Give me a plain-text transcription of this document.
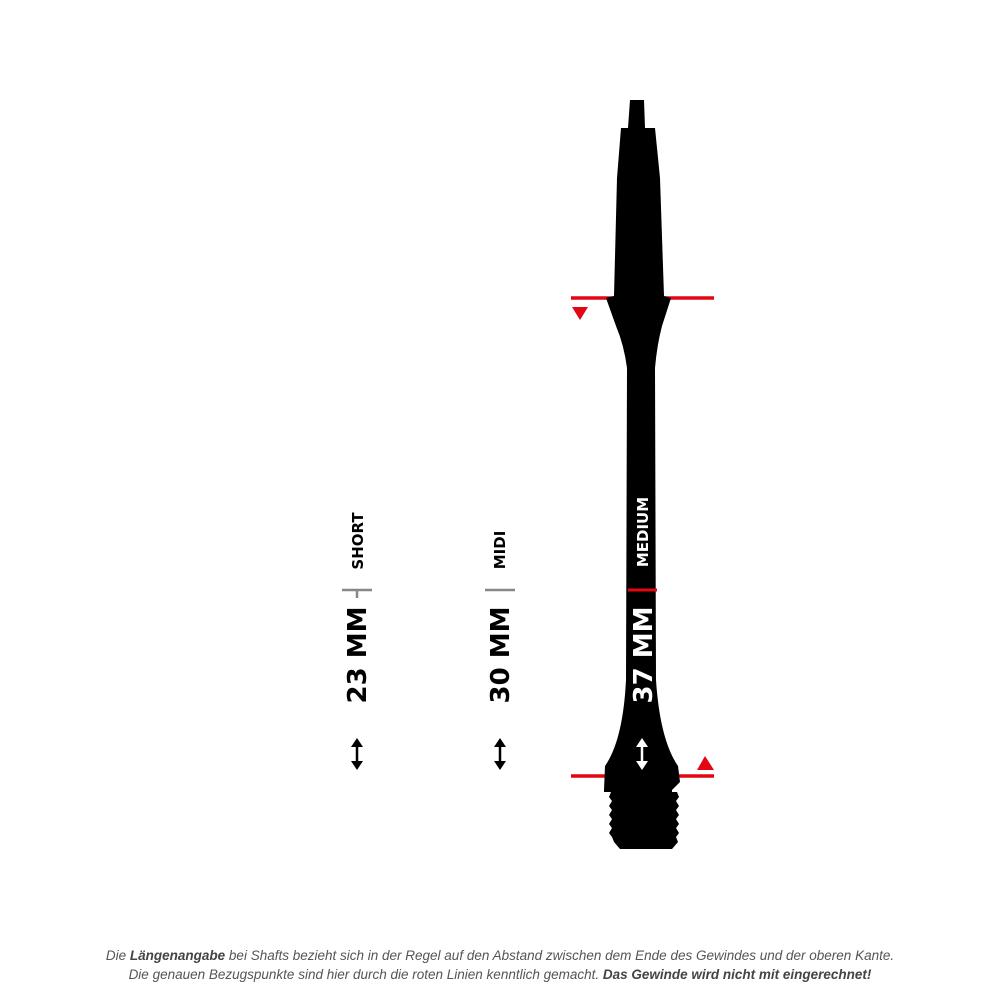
SHORT
23 MM
MIDI
30 MM
MEDIUM
37 MM
Die Längenangabe bei Shafts bezieht sich in der Regel auf den Abstand zwischen dem Ende des Gewindes und der oberen Kante.
Die genauen Bezugspunkte sind hier durch die roten Linien kenntlich gemacht. Das Gewinde wird nicht mit eingerechnet!
